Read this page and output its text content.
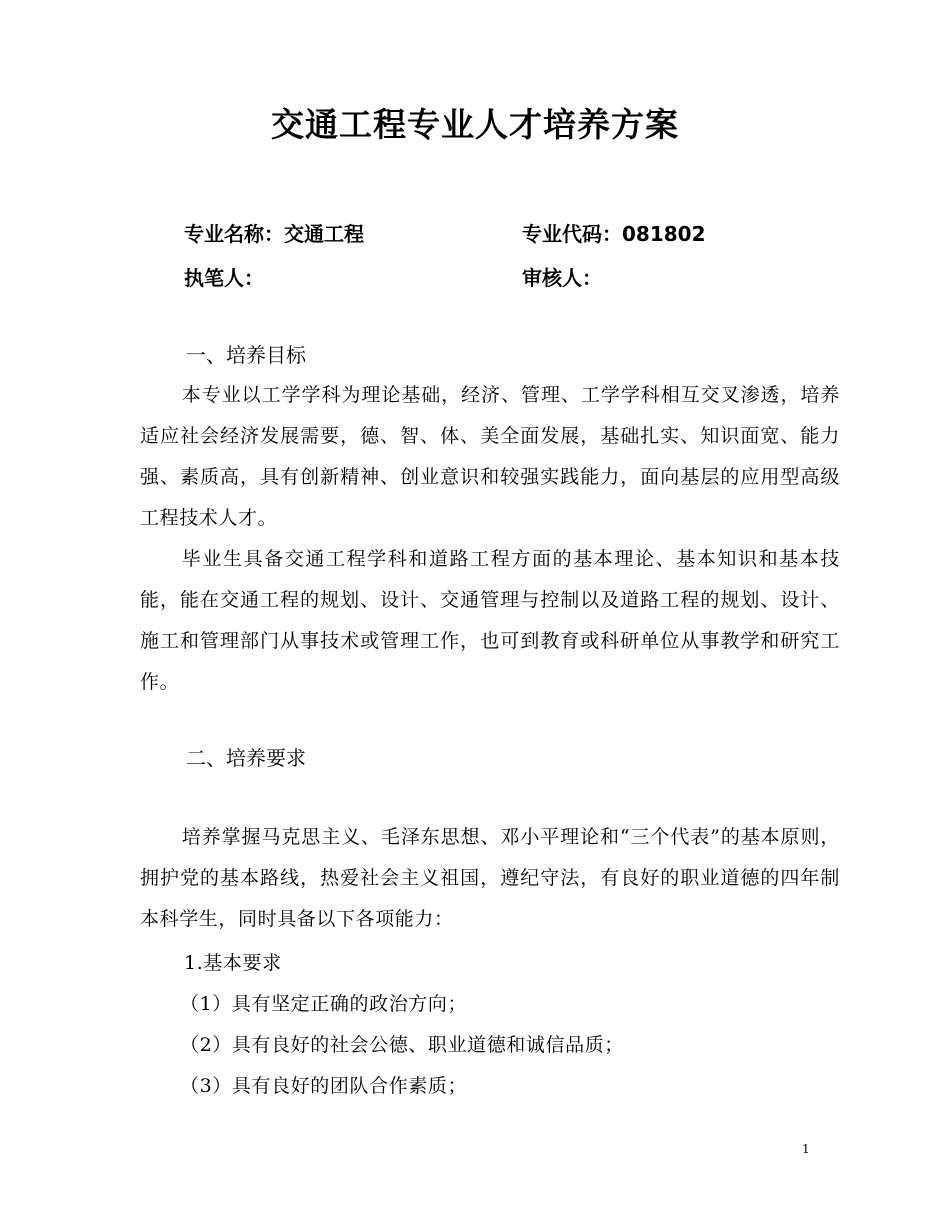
交通工程专业人才培养方案
专业名称：交通工程	专业代码：081802
执笔人：	审核人：
一、培养目标
本专业以工学学科为理论基础，经济、管理、工学学科相互交叉渗透，培养适应社会经济发展需要，德、智、体、美全面发展，基础扎实、知识面宽、能力强、素质高，具有创新精神、创业意识和较强实践能力，面向基层的应用型高级工程技术人才。
毕业生具备交通工程学科和道路工程方面的基本理论、基本知识和基本技能，能在交通工程的规划、设计、交通管理与控制以及道路工程的规划、设计、施工和管理部门从事技术或管理工作，也可到教育或科研单位从事教学和研究工作。
二、培养要求
培养掌握马克思主义、毛泽东思想、邓小平理论和“三个代表”的基本原则，拥护党的基本路线，热爱社会主义祖国，遵纪守法，有良好的职业道德的四年制本科学生，同时具备以下各项能力：
1.基本要求
（1）具有坚定正确的政治方向；
（2）具有良好的社会公德、职业道德和诚信品质；
（3）具有良好的团队合作素质；
1
